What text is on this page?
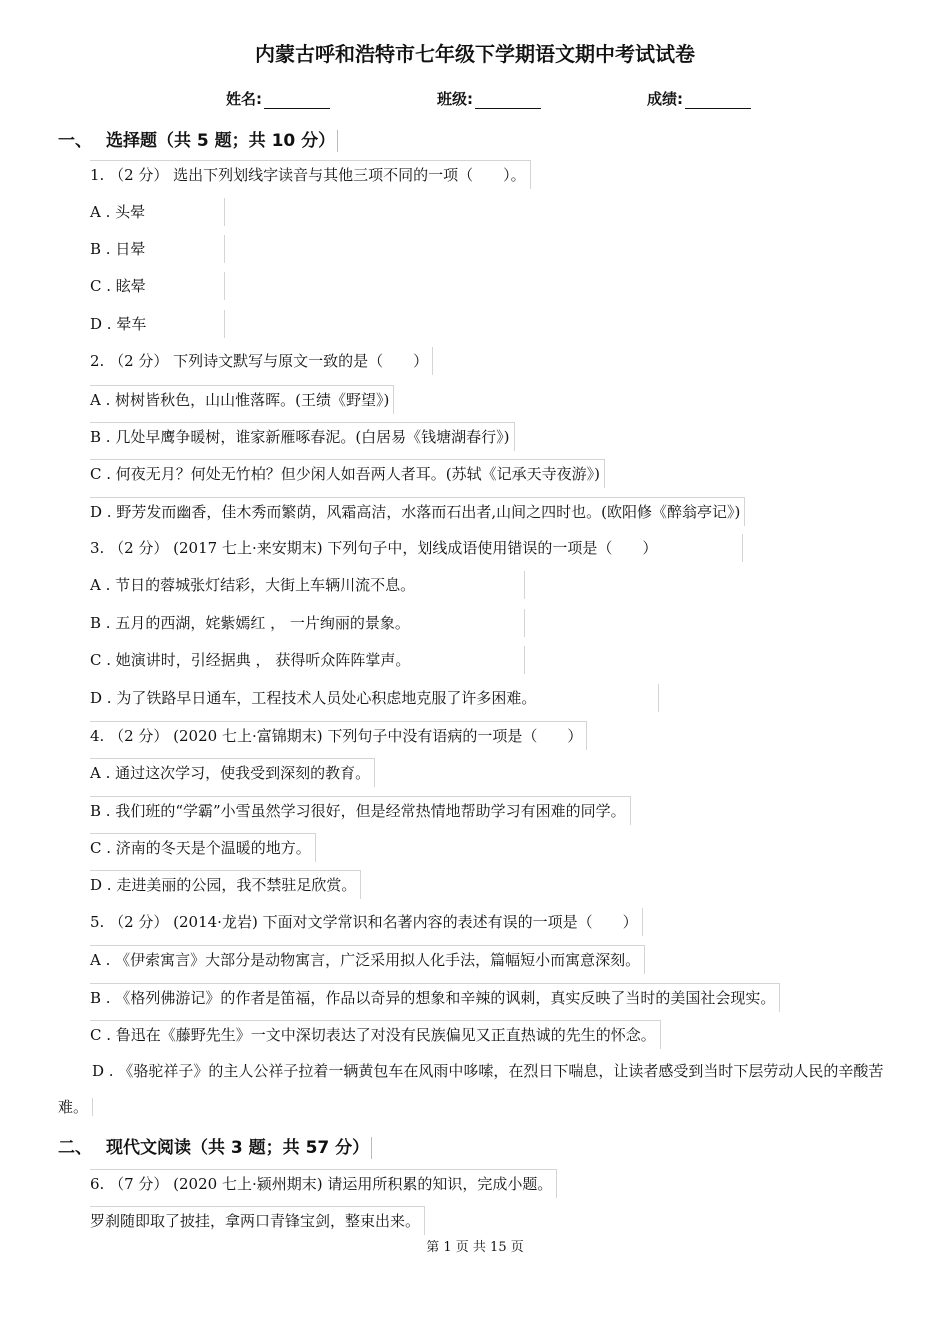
内蒙古呼和浩特市七年级下学期语文期中考试试卷
姓名:	班级:	成绩:
一、 选择题（共 5 题；共 10 分）
1. （2 分） 选出下列划线字读音与其他三项不同的一项（　　）。
A . 头晕
B . 日晕
C . 眩晕
D . 晕车
2. （2 分） 下列诗文默写与原文一致的是（　　）
A . 树树皆秋色，山山惟落晖。(王绩《野望》)
B . 几处早鹰争暖树，谁家新雁啄春泥。(白居易《钱塘湖春行》)
C . 何夜无月？何处无竹柏？但少闲人如吾两人者耳。(苏轼《记承天寺夜游》)
D . 野芳发而幽香，佳木秀而繁荫，风霜高洁，水落而石出者,山间之四时也。(欧阳修《醉翁亭记》)
3. （2 分） (2017 七上·来安期末) 下列句子中，划线成语使用错误的一项是（　　）
A . 节日的蓉城张灯结彩，大街上车辆川流不息。
B . 五月的西湖，姹紫嫣红 ， 一片绚丽的景象。
C . 她演讲时，引经据典 ， 获得听众阵阵掌声。
D . 为了铁路早日通车，工程技术人员处心积虑地克服了许多困难。
4. （2 分） (2020 七上·富锦期末) 下列句子中没有语病的一项是（　　）
A . 通过这次学习，使我受到深刻的教育。
B . 我们班的“学霸”小雪虽然学习很好，但是经常热情地帮助学习有困难的同学。
C . 济南的冬天是个温暖的地方。
D . 走进美丽的公园，我不禁驻足欣赏。
5. （2 分） (2014·龙岩) 下面对文学常识和名著内容的表述有误的一项是（　　）
A . 《伊索寓言》大部分是动物寓言，广泛采用拟人化手法，篇幅短小而寓意深刻。
B . 《格列佛游记》的作者是笛福，作品以奇异的想象和辛辣的讽刺，真实反映了当时的美国社会现实。
C . 鲁迅在《藤野先生》一文中深切表达了对没有民族偏见又正直热诚的先生的怀念。
D . 《骆驼祥子》的主人公祥子拉着一辆黄包车在风雨中哆嗦，在烈日下喘息，让读者感受到当时下层劳动人民的辛酸苦难。
二、 现代文阅读（共 3 题；共 57 分）
6. （7 分） (2020 七上·颍州期末) 请运用所积累的知识，完成小题。
罗刹随即取了披挂，拿两口青锋宝剑，整束出来。
第 1 页 共 15 页
